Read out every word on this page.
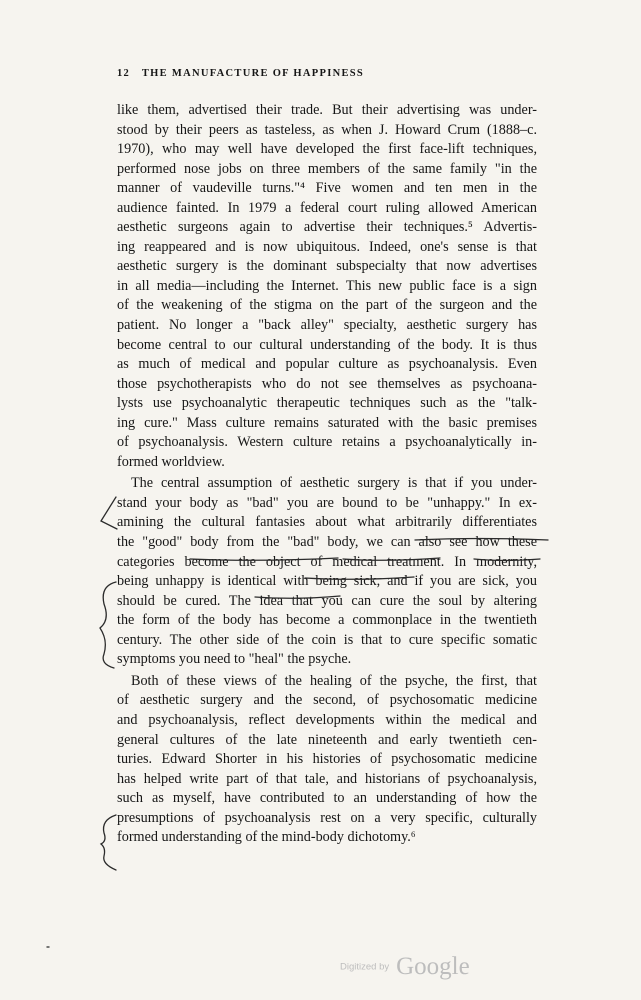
12 THE MANUFACTURE OF HAPPINESS
like them, advertised their trade. But their advertising was under-
stood by their peers as tasteless, as when J. Howard Crum (1888–c.
1970), who may well have developed the first face-lift techniques,
performed nose jobs on three members of the same family "in the
manner of vaudeville turns."⁴ Five women and ten men in the
audience fainted. In 1979 a federal court ruling allowed American
aesthetic surgeons again to advertise their techniques.⁵ Advertis-
ing reappeared and is now ubiquitous. Indeed, one's sense is that
aesthetic surgery is the dominant subspecialty that now advertises
in all media—including the Internet. This new public face is a sign
of the weakening of the stigma on the part of the surgeon and the
patient. No longer a "back alley" specialty, aesthetic surgery has
become central to our cultural understanding of the body. It is thus
as much of medical and popular culture as psychoanalysis. Even
those psychotherapists who do not see themselves as psychoana-
lysts use psychoanalytic therapeutic techniques such as the "talk-
ing cure." Mass culture remains saturated with the basic premises
of psychoanalysis. Western culture retains a psychoanalytically in-
formed worldview.
The central assumption of aesthetic surgery is that if you under-
stand your body as "bad" you are bound to be "unhappy." In ex-
amining the cultural fantasies about what arbitrarily differentiates
the "good" body from the "bad" body, we can also see how these
categories become the object of medical treatment. In modernity,
being unhappy is identical with being sick, and if you are sick, you
should be cured. The idea that you can cure the soul by altering
the form of the body has become a commonplace in the twentieth
century. The other side of the coin is that to cure specific somatic
symptoms you need to "heal" the psyche.
Both of these views of the healing of the psyche, the first, that
of aesthetic surgery and the second, of psychosomatic medicine
and psychoanalysis, reflect developments within the medical and
general cultures of the late nineteenth and early twentieth cen-
turies. Edward Shorter in his histories of psychosomatic medicine
has helped write part of that tale, and historians of psychoanalysis,
such as myself, have contributed to an understanding of how the
presumptions of psychoanalysis rest on a very specific, culturally
formed understanding of the mind-body dichotomy.⁶
Digitized by Google
